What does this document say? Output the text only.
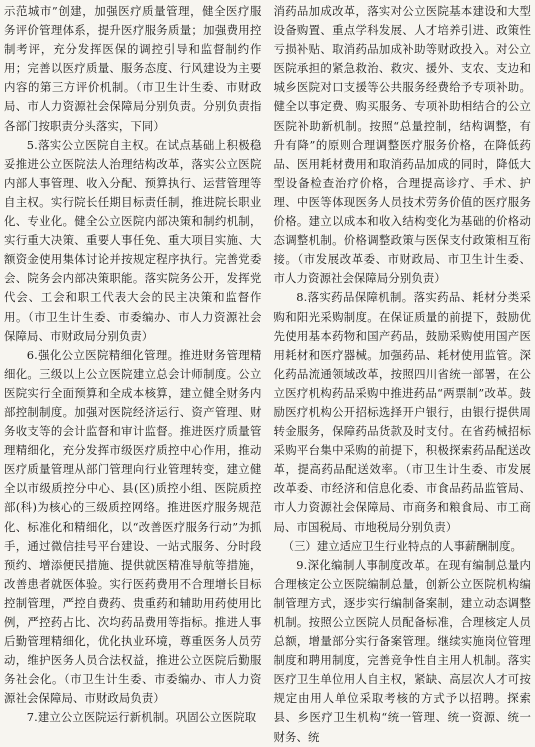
示范城市”创建，加强医疗质量管理，健全医疗服务评价管理体系，提升医疗服务质量；加强费用控制考评，充分发挥医保的调控引导和监督制约作用；完善以医疗质量、服务态度、行风建设为主要内容的第三方评价机制。（市卫生计生委、市财政局、市人力资源社会保障局分别负责。分别负责指各部门按职责分头落实，下同）

5.落实公立医院自主权。在试点基础上积极稳妥推进公立医院法人治理结构改革，落实公立医院内部人事管理、收入分配、预算执行、运营管理等自主权。实行院长任期目标责任制，推进院长职业化、专业化。健全公立医院内部决策和制约机制，实行重大决策、重要人事任免、重大项目实施、大额资金使用集体讨论并按规定程序执行。完善党委会、院务会内部决策职能。落实院务公开，发挥党代会、工会和职工代表大会的民主决策和监督作用。（市卫生计生委、市委编办、市人力资源社会保障局、市财政局分别负责）

6.强化公立医院精细化管理。推进财务管理精细化。三级以上公立医院建立总会计师制度。公立医院实行全面预算和全成本核算，建立健全财务内部控制制度。加强对医院经济运行、资产管理、财务收支等的会计监督和审计监督。推进医疗质量管理精细化，充分发挥市级医疗质控中心作用，推动医疗质量管理从部门管理向行业管理转变，建立健全以市级质控分中心、县(区)质控小组、医院质控部(科)为核心的三级质控网络。推进医疗服务规范化、标准化和精细化，以“改善医疗服务行动”为抓手，通过微信挂号平台建设、一站式服务、分时段预约、增添便民措施、提供就医精准导航等措施，改善患者就医体验。实行医药费用不合理增长目标控制管理，严控自费药、贵重药和辅助用药使用比例，严控药占比、次均药品费用等指标。推进人事后勤管理精细化，优化执业环境，尊重医务人员劳动，维护医务人员合法权益，推进公立医院后勤服务社会化。（市卫生计生委、市委编办、市人力资源社会保障局、市财政局负责）

7.建立公立医院运行新机制。巩固公立医院取

消药品加成改革，落实对公立医院基本建设和大型设备购置、重点学科发展、人才培养引进、政策性亏损补贴、取消药品加成补助等财政投入。对公立医院承担的紧急救治、救灾、援外、支农、支边和城乡医院对口支援等公共服务经费给予专项补助。健全以事定费、购买服务、专项补助相结合的公立医院补助新机制。按照“总量控制，结构调整，有升有降”的原则合理调整医疗服务价格，在降低药品、医用耗材费用和取消药品加成的同时，降低大型设备检查治疗价格，合理提高诊疗、手术、护理、中医等体现医务人员技术劳务价值的医疗服务价格。建立以成本和收入结构变化为基础的价格动态调整机制。价格调整政策与医保支付政策相互衔接。（市发展改革委、市财政局、市卫生计生委、市人力资源社会保障局分别负责）

8.落实药品保障机制。落实药品、耗材分类采购和阳光采购制度。在保证质量的前提下，鼓励优先使用基本药物和国产药品，鼓励采购使用国产医用耗材和医疗器械。加强药品、耗材使用监管。深化药品流通领域改革，按照四川省统一部署，在公立医疗机构药品采购中推进药品“两票制”改革。鼓励医疗机构公开招标选择开户银行，由银行提供周转金服务，保障药品货款及时支付。在省药械招标采购平台集中采购的前提下，积极探索药品配送改革，提高药品配送效率。（市卫生计生委、市发展改革委、市经济和信息化委、市食品药品监管局、市人力资源社会保障局、市商务和粮食局、市工商局、市国税局、市地税局分别负责）

（三）建立适应卫生行业特点的人事薪酬制度。

9.深化编制人事制度改革。在现有编制总量内合理核定公立医院编制总量，创新公立医院机构编制管理方式，逐步实行编制备案制，建立动态调整机制。按照公立医院人员配备标准，合理核定人员总额，增量部分实行备案管理。继续实施岗位管理制度和聘用制度，完善竞争性自主用人机制。落实医疗卫生单位用人自主权，紧缺、高层次人才可按规定由用人单位采取考核的方式予以招聘。探索县、乡医疗卫生机构“统一管理、统一资源、统一财务、统
